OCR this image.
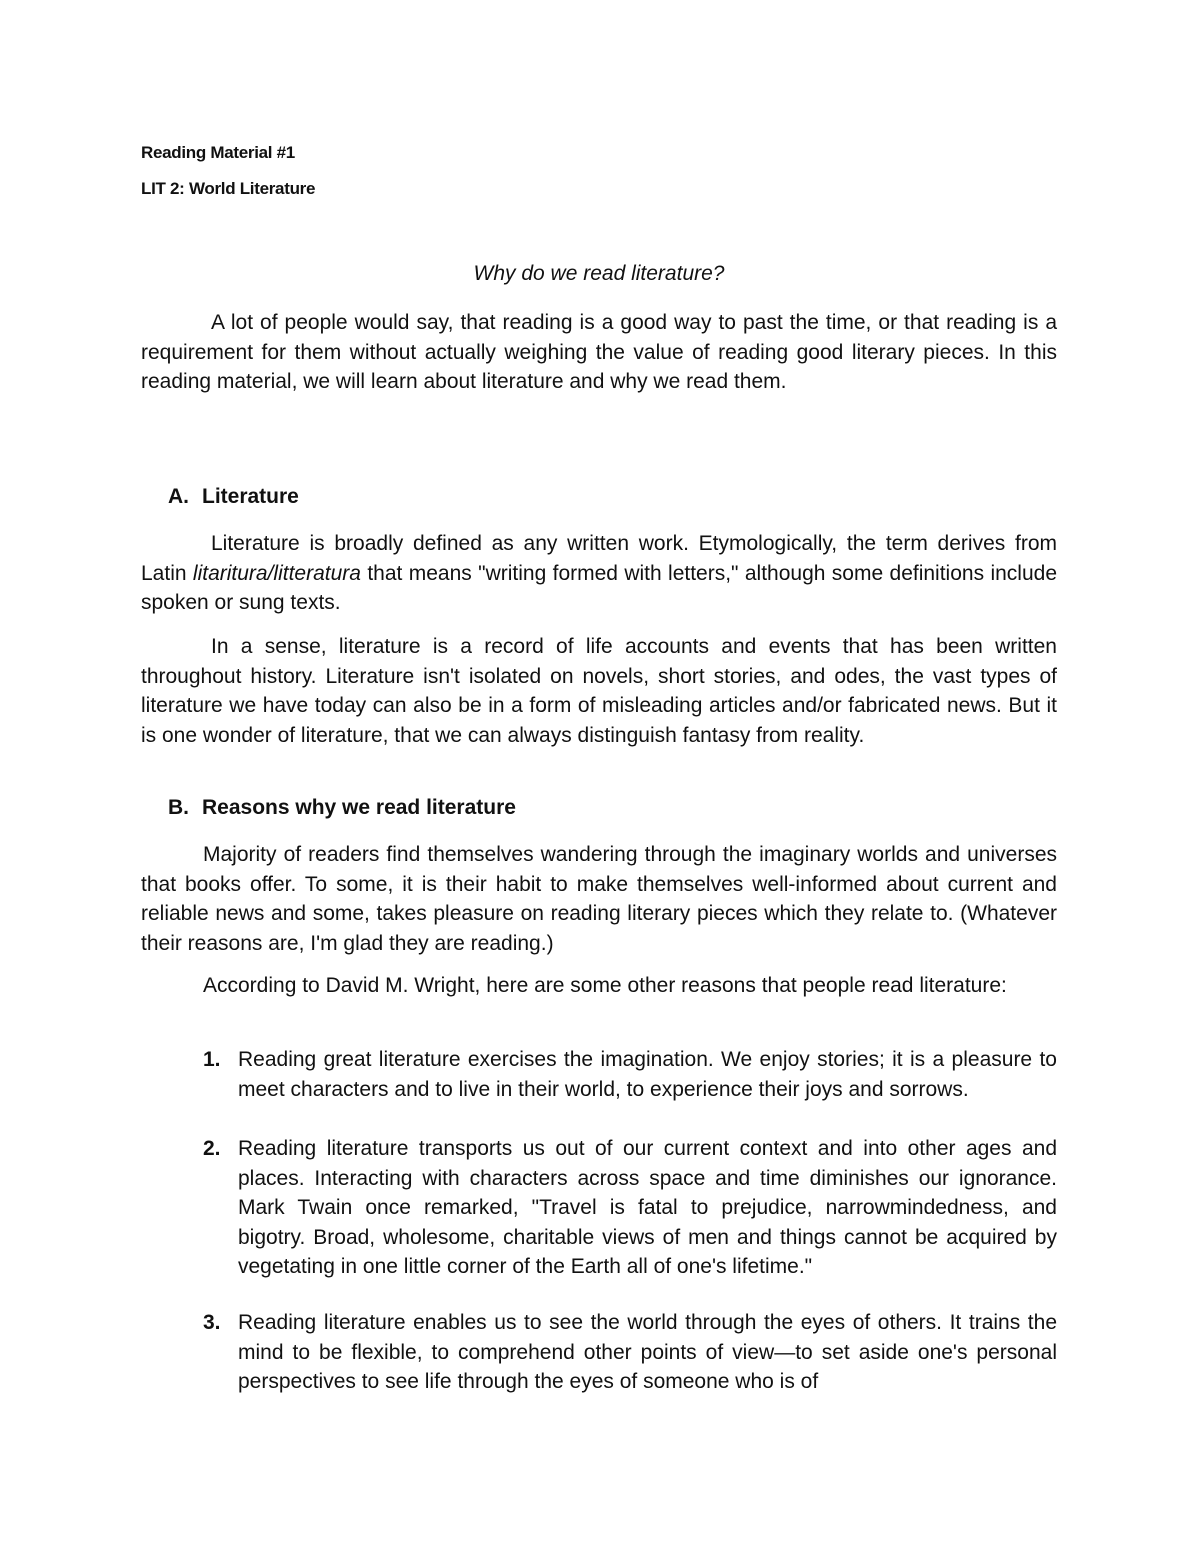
Reading Material #1
LIT 2: World Literature
Why do we read literature?

A lot of people would say, that reading is a good way to past the time, or that reading is a requirement for them without actually weighing the value of reading good literary pieces. In this reading material, we will learn about literature and why we read them.

A. Literature

Literature is broadly defined as any written work. Etymologically, the term derives from Latin litaritura/litteratura that means "writing formed with letters," although some definitions include spoken or sung texts.

In a sense, literature is a record of life accounts and events that has been written throughout history. Literature isn't isolated on novels, short stories, and odes, the vast types of literature we have today can also be in a form of misleading articles and/or fabricated news. But it is one wonder of literature, that we can always distinguish fantasy from reality.

B. Reasons why we read literature

Majority of readers find themselves wandering through the imaginary worlds and universes that books offer. To some, it is their habit to make themselves well-informed about current and reliable news and some, takes pleasure on reading literary pieces which they relate to. (Whatever their reasons are, I'm glad they are reading.)

According to David M. Wright, here are some other reasons that people read literature:

1. Reading great literature exercises the imagination. We enjoy stories; it is a pleasure to meet characters and to live in their world, to experience their joys and sorrows.
2. Reading literature transports us out of our current context and into other ages and places. Interacting with characters across space and time diminishes our ignorance. Mark Twain once remarked, "Travel is fatal to prejudice, narrowmindedness, and bigotry. Broad, wholesome, charitable views of men and things cannot be acquired by vegetating in one little corner of the Earth all of one's lifetime."
3. Reading literature enables us to see the world through the eyes of others. It trains the mind to be flexible, to comprehend other points of view—to set aside one's personal perspectives to see life through the eyes of someone who is of
